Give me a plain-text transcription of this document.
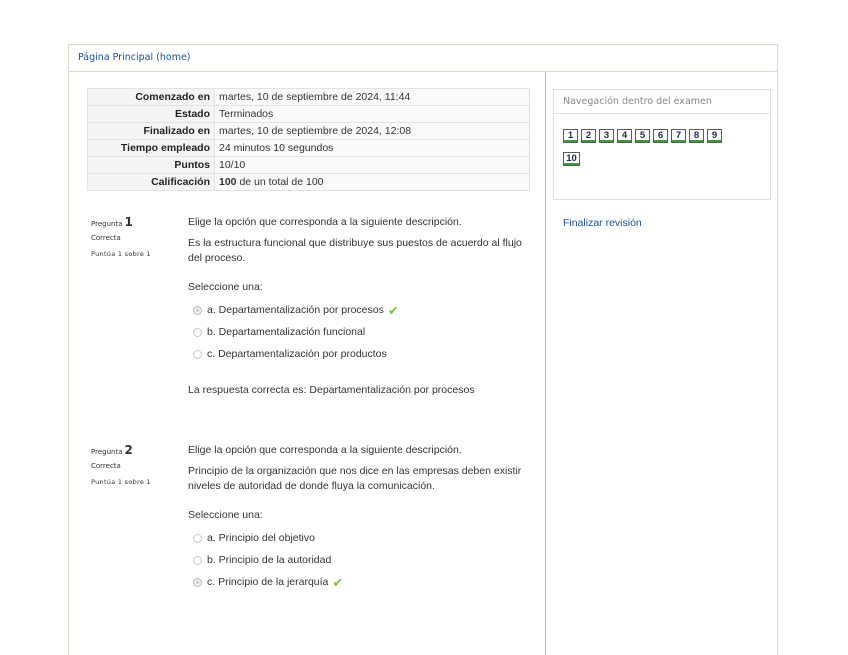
Página Principal (home)
Comenzado en	martes, 10 de septiembre de 2024, 11:44
Estado	Terminados
Finalizado en	martes, 10 de septiembre de 2024, 12:08
Tiempo empleado	24 minutos 10 segundos
Puntos	10/10
Calificación	100 de un total de 100
Pregunta 1
Correcta
Puntúa 1 sobre 1
Elige la opción que corresponda a la siguiente descripción.
Es la estructura funcional que distribuye sus puestos de acuerdo al flujo del proceso.
Seleccione una:
a. Departamentalización por procesos ✔
b. Departamentalización funcional
c. Departamentalización por productos
La respuesta correcta es: Departamentalización por procesos
Pregunta 2
Correcta
Puntúa 1 sobre 1
Elige la opción que corresponda a la siguiente descripción.
Principio de la organización que nos dice en las empresas deben existir niveles de autoridad de donde fluya la comunicación.
Seleccione una:
a. Principio del objetivo
b. Principio de la autoridad
c. Principio de la jerarquía ✔
Navegación dentro del examen
1 2 3 4 5 6 7 8 9
10
Finalizar revisión
